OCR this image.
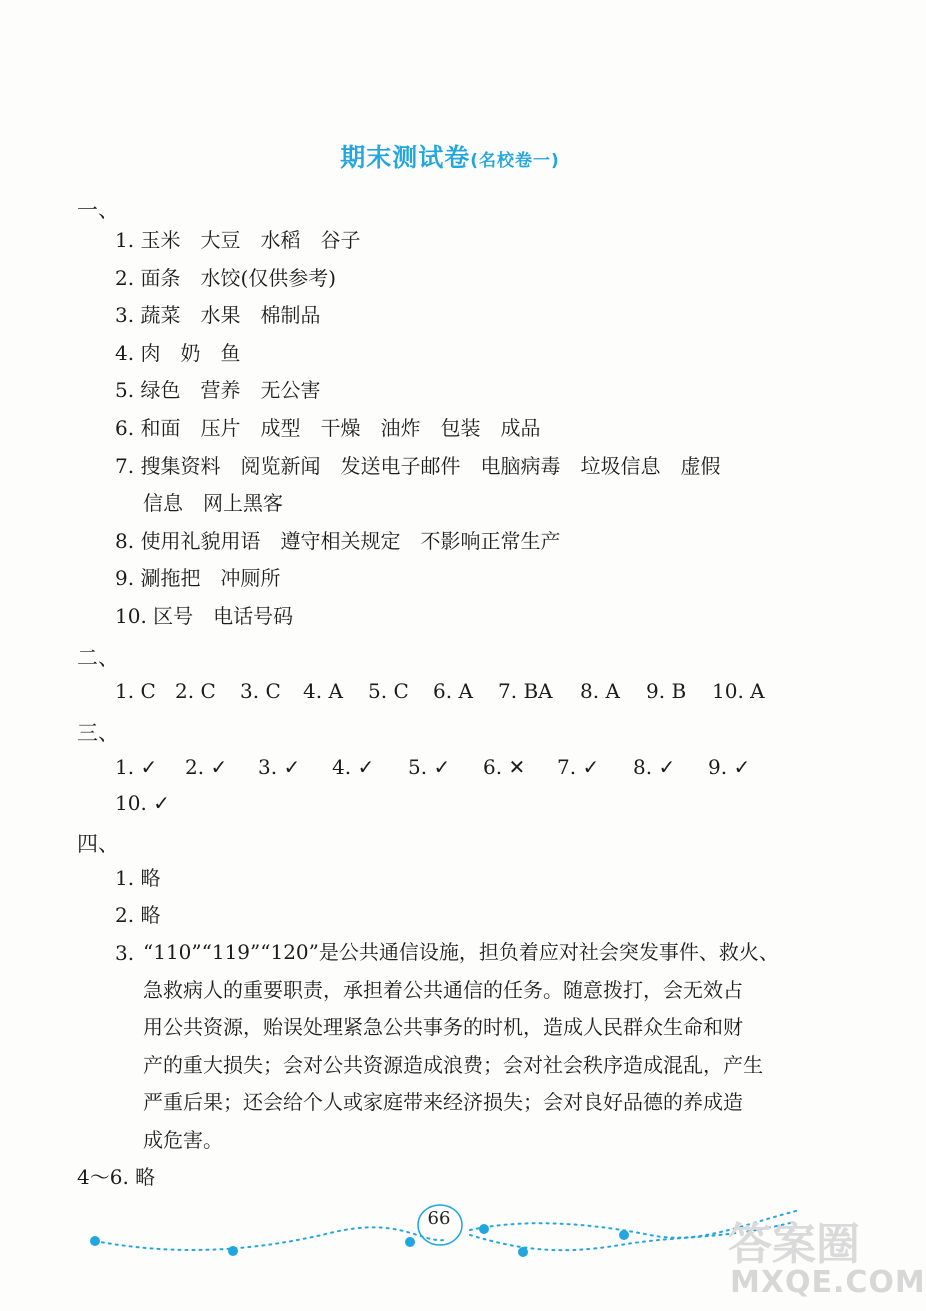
期末测试卷(名校卷一)
一、
1. 玉米　大豆　水稻　谷子
2. 面条　水饺(仅供参考)
3. 蔬菜　水果　棉制品
4. 肉　奶　鱼
5. 绿色　营养　无公害
6. 和面　压片　成型　干燥　油炸　包装　成品
7. 搜集资料　阅览新闻　发送电子邮件　电脑病毒　垃圾信息　虚假
信息　网上黑客
8. 使用礼貌用语　遵守相关规定　不影响正常生产
9. 涮拖把　冲厕所
10. 区号　电话号码
二、
1. C 2. C 3. C 4. A 5. C 6. A 7. BA 8. A 9. B 10. A
三、
1. ✓ 2. ✓ 3. ✓ 4. ✓ 5. ✓ 6. ✕ 7. ✓ 8. ✓ 9. ✓
10. ✓
四、
1. 略
2. 略
3. “110”“119”“120”是公共通信设施，担负着应对社会突发事件、救火、
急救病人的重要职责，承担着公共通信的任务。随意拨打，会无效占
用公共资源，贻误处理紧急公共事务的时机，造成人民群众生命和财
产的重大损失；会对公共资源造成浪费；会对社会秩序造成混乱，产生
严重后果；还会给个人或家庭带来经济损失；会对良好品德的养成造
成危害。
4～6. 略
66
答案圈
MXQE.COM
